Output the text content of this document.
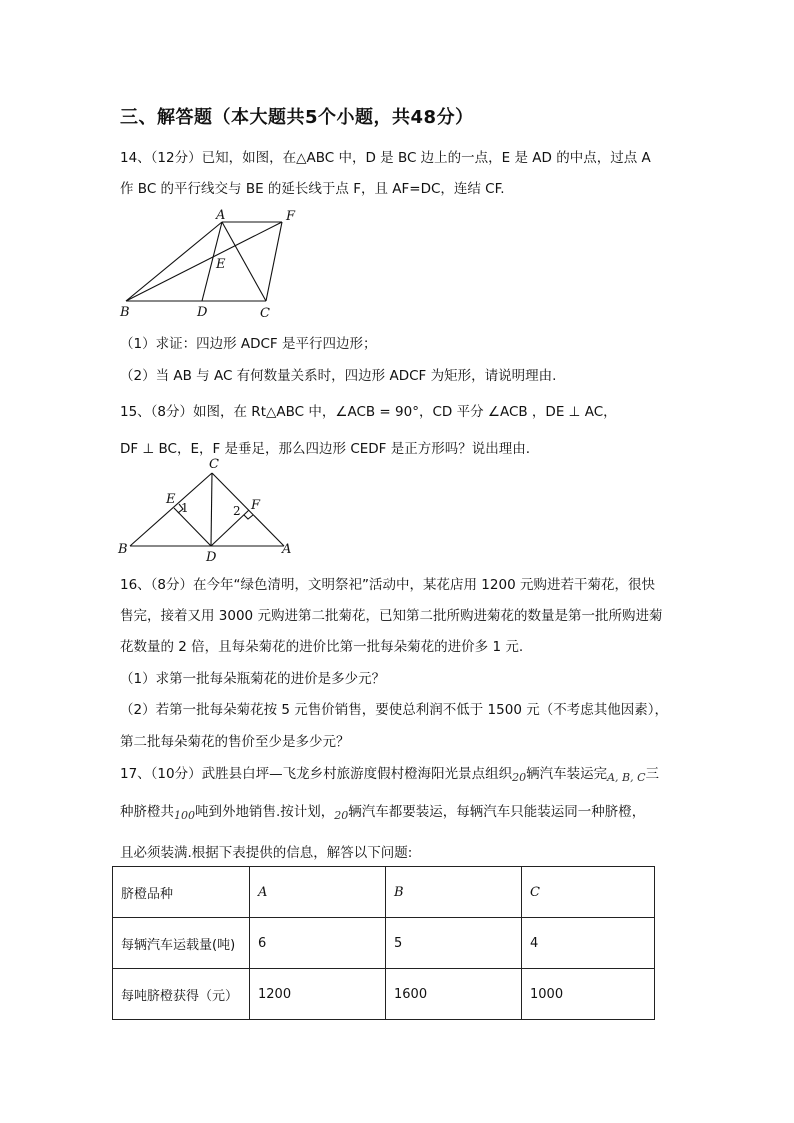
三、解答题（本大题共5个小题，共48分）
14、（12分）已知，如图，在△ABC 中，D 是 BC 边上的一点，E 是 AD 的中点，过点 A
作 BC 的平行线交与 BE 的延长线于点 F，且 AF=DC，连结 CF.
A	F
E
B	D	C
（1）求证：四边形 ADCF 是平行四边形；
（2）当 AB 与 AC 有何数量关系时，四边形 ADCF 为矩形，请说明理由.
15、（8分）如图，在 Rt△ABC 中，∠ACB = 90°，CD 平分 ∠ACB ，DE ⊥ AC，
DF ⊥ BC，E，F 是垂足，那么四边形 CEDF 是正方形吗？说出理由.
C
E
1	2 F
B
D
A
16、（8分）在今年“绿色清明，文明祭祀”活动中，某花店用 1200 元购进若干菊花，很快
售完，接着又用 3000 元购进第二批菊花，已知第二批所购进菊花的数量是第一批所购进菊
花数量的 2 倍，且每朵菊花的进价比第一批每朵菊花的进价多 1 元.
（1）求第一批每朵瓶菊花的进价是多少元？
（2）若第一批每朵菊花按 5 元售价销售，要使总利润不低于 1500 元（不考虑其他因素），
第二批每朵菊花的售价至少是多少元？
17、（10分）武胜县白坪—飞龙乡村旅游度假村橙海阳光景点组织$_{20}$辆汽车装运完$_{A, B, C}$三
种脐橙共$_{100}$吨到外地销售.按计划，$_{20}$辆汽车都要装运，每辆汽车只能装运同一种脐橙，
且必须装满.根据下表提供的信息，解答以下问题:
脐橙品种	A	B	C
每辆汽车运载量(吨)	6	5	4
每吨脐橙获得（元）	1200	1600	1000
